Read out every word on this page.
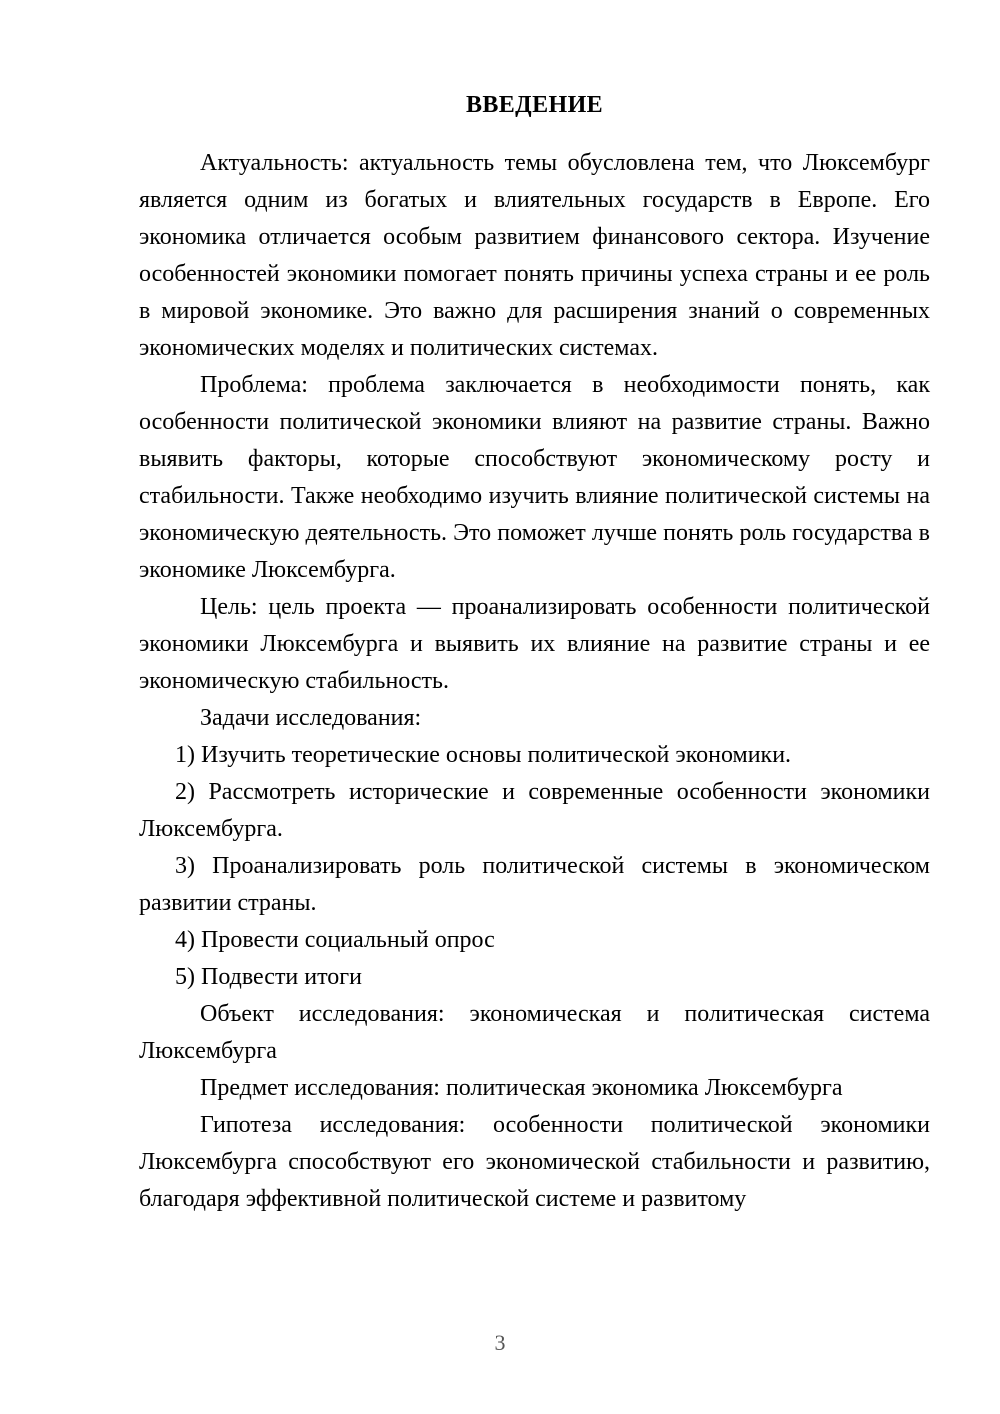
ВВЕДЕНИЕ

Актуальность: актуальность темы обусловлена тем, что Люксембург является одним из богатых и влиятельных государств в Европе. Его экономика отличается особым развитием финансового сектора. Изучение особенностей экономики помогает понять причины успеха страны и ее роль в мировой экономике. Это важно для расширения знаний о современных экономических моделях и политических системах.

Проблема: проблема заключается в необходимости понять, как особенности политической экономики влияют на развитие страны. Важно выявить факторы, которые способствуют экономическому росту и стабильности. Также необходимо изучить влияние политической системы на экономическую деятельность. Это поможет лучше понять роль государства в экономике Люксембурга.

Цель: цель проекта — проанализировать особенности политической экономики Люксембурга и выявить их влияние на развитие страны и ее экономическую стабильность.

Задачи исследования:

1) Изучить теоретические основы политической экономики.

2) Рассмотреть исторические и современные особенности экономики Люксембурга.

3) Проанализировать роль политической системы в экономическом развитии страны.

4) Провести социальный опрос

5) Подвести итоги

Объект исследования: экономическая и политическая система Люксембурга

Предмет исследования: политическая экономика Люксембурга

Гипотеза исследования: особенности политической экономики Люксембурга способствуют его экономической стабильности и развитию, благодаря эффективной политической системе и развитому

3
